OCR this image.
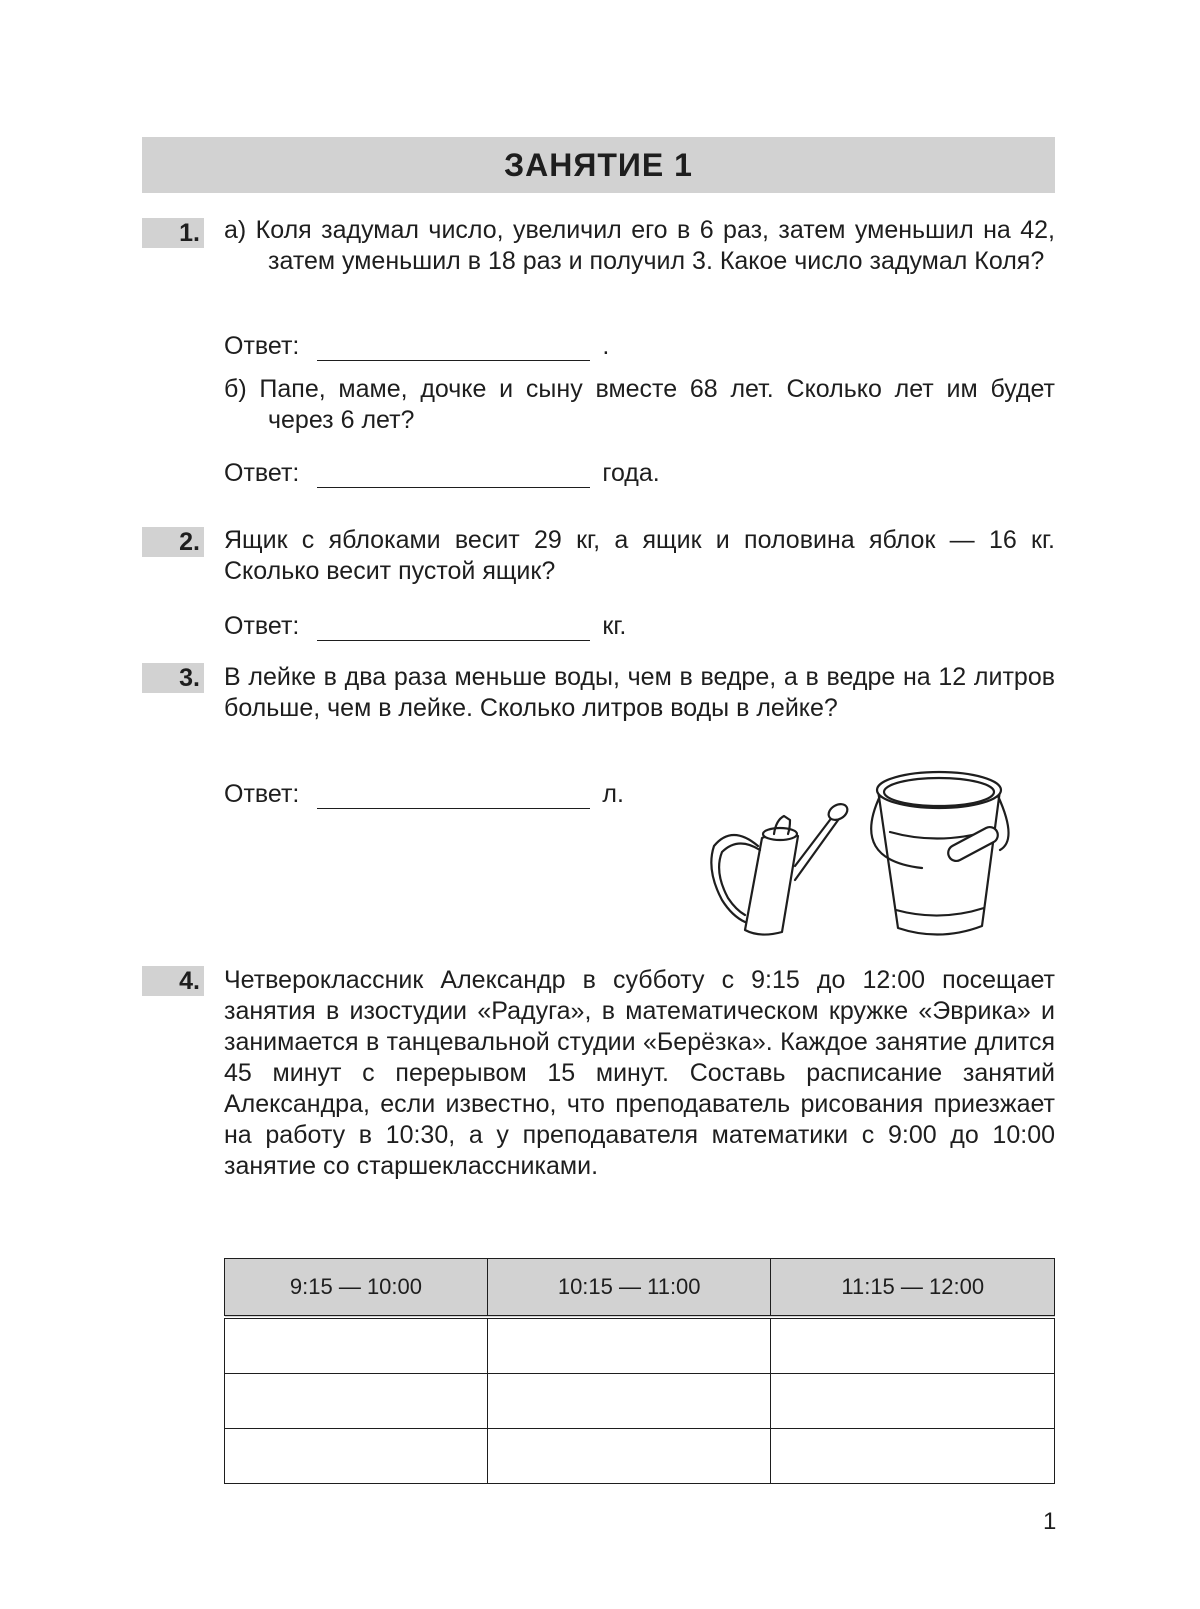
ЗАНЯТИЕ 1
1. а) Коля задумал число, увеличил его в 6 раз, затем уменьшил на 42, затем уменьшил в 18 раз и получил 3. Какое число задумал Коля?
Ответ:	.
б) Папе, маме, дочке и сыну вместе 68 лет. Сколько лет им будет через 6 лет?
Ответ:	года.
2. Ящик с яблоками весит 29 кг, а ящик и половина яблок — 16 кг. Сколько весит пустой ящик?
Ответ:	кг.
3. В лейке в два раза меньше воды, чем в ведре, а в ведре на 12 литров больше, чем в лейке. Сколько литров воды в лейке?
Ответ:	л.
4. Четвероклассник Александр в субботу с 9:15 до 12:00 посещает занятия в изостудии «Радуга», в математическом кружке «Эврика» и занимается в танцевальной студии «Берёзка». Каждое занятие длится 45 минут с перерывом 15 минут. Составь расписание занятий Александра, если известно, что преподаватель рисования приезжает на работу в 10:30, а у преподавателя математики с 9:00 до 10:00 занятие со старшеклассниками.
9:15 — 10:00	10:15 — 11:00	11:15 — 12:00

1
